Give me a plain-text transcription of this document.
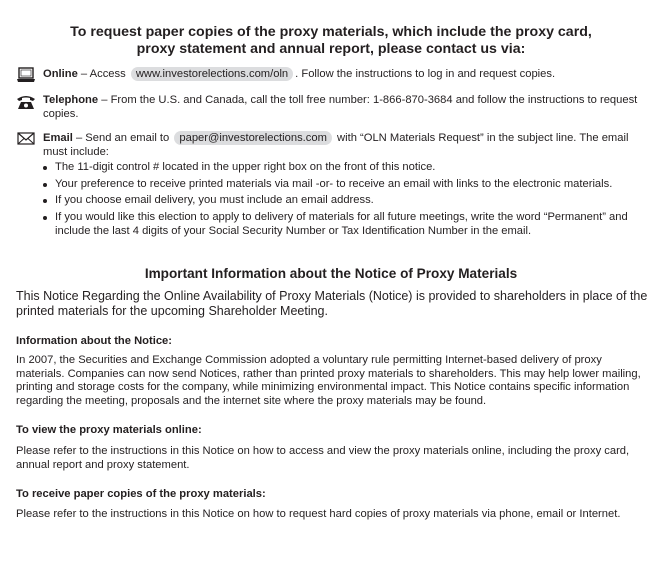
To request paper copies of the proxy materials, which include the proxy card,
proxy statement and annual report, please contact us via:
Online – Access www.investorelections.com/oln . Follow the instructions to log in and request copies.
Telephone – From the U.S. and Canada, call the toll free number: 1-866-870-3684 and follow the instructions to request copies.
Email – Send an email to paper@investorelections.com with “OLN Materials Request” in the subject line. The email must include:
The 11-digit control # located in the upper right box on the front of this notice.
Your preference to receive printed materials via mail -or- to receive an email with links to the electronic materials.
If you choose email delivery, you must include an email address.
If you would like this election to apply to delivery of materials for all future meetings, write the word “Permanent” and include the last 4 digits of your Social Security Number or Tax Identification Number in the email.
Important Information about the Notice of Proxy Materials
This Notice Regarding the Online Availability of Proxy Materials (Notice) is provided to shareholders in place of the printed materials for the upcoming Shareholder Meeting.
Information about the Notice:
In 2007, the Securities and Exchange Commission adopted a voluntary rule permitting Internet-based delivery of proxy materials. Companies can now send Notices, rather than printed proxy materials to shareholders. This may help lower mailing, printing and storage costs for the company, while minimizing environmental impact. This Notice contains specific information regarding the meeting, proposals and the internet site where the proxy materials may be found.
To view the proxy materials online:
Please refer to the instructions in this Notice on how to access and view the proxy materials online, including the proxy card, annual report and proxy statement.
To receive paper copies of the proxy materials:
Please refer to the instructions in this Notice on how to request hard copies of proxy materials via phone, email or Internet.
